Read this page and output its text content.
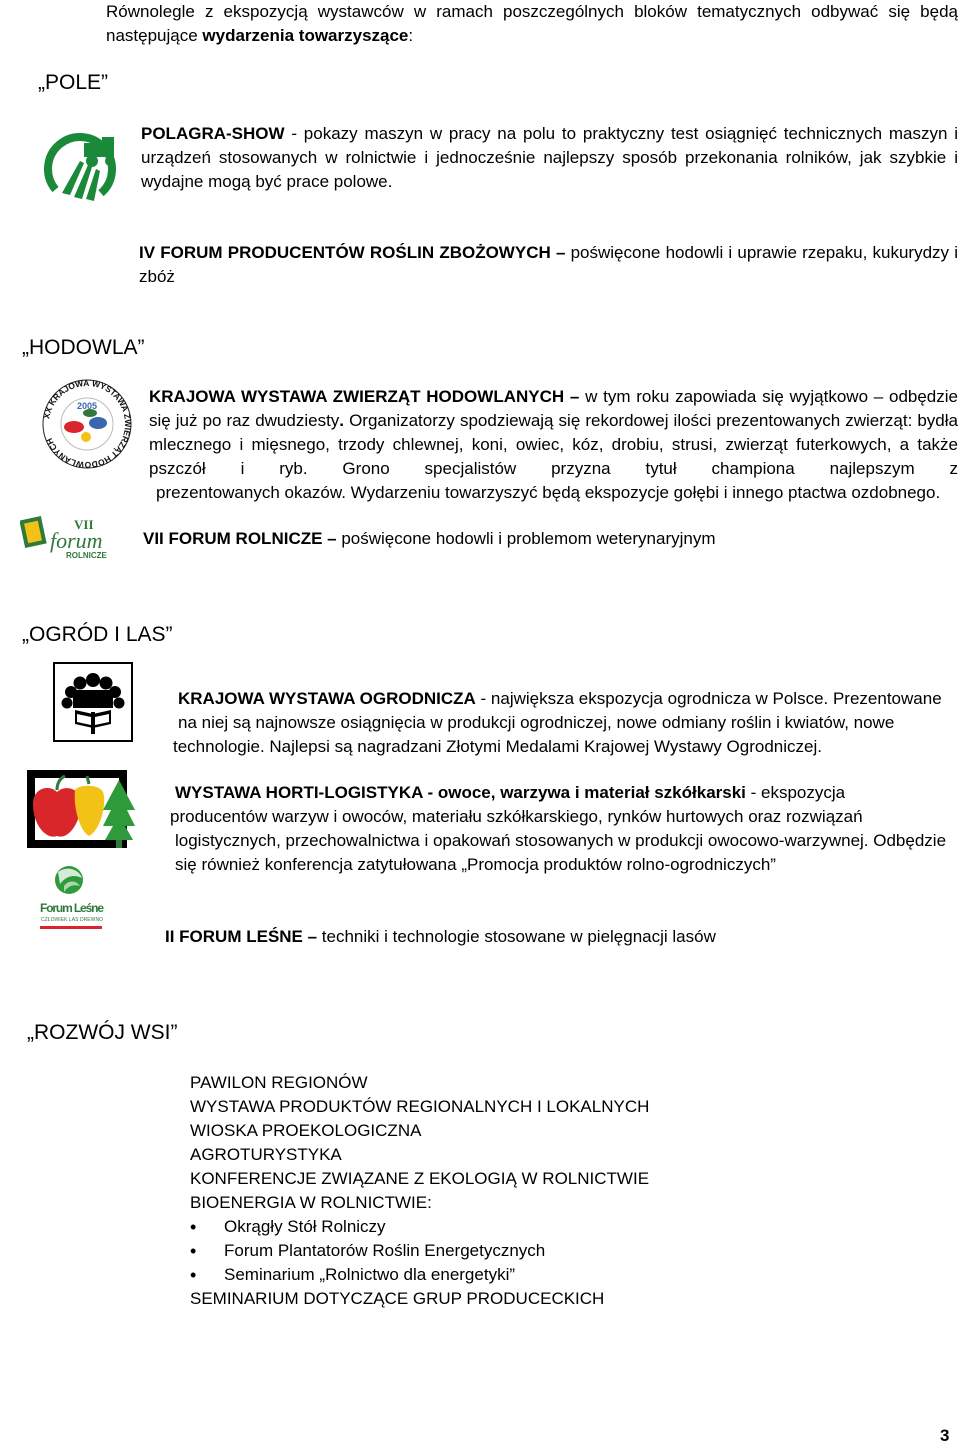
Równolegle z ekspozycją wystawców w ramach poszczególnych bloków tematycznych odbywać się będą następujące wydarzenia towarzyszące:
„POLE”
POLAGRA-SHOW - pokazy maszyn w pracy na polu to praktyczny test osiągnięć technicznych maszyn i urządzeń stosowanych w rolnictwie i jednocześnie najlepszy sposób przekonania rolników, jak szybkie i wydajne mogą być prace polowe.
IV FORUM PRODUCENTÓW ROŚLIN ZBOŻOWYCH – poświęcone hodowli i uprawie rzepaku, kukurydzy i zbóż
„HODOWLA”
XX KRAJOWA WYSTAWA ZWIERZĄT HODOWLANYCH
2005	KRAJOWA WYSTAWA ZWIERZĄT HODOWLANYCH – w tym roku zapowiada się wyjątkowo – odbędzie się już po raz dwudziesty. Organizatorzy spodziewają się rekordowej ilości prezentowanych zwierząt: bydła mlecznego i mięsnego, trzody chlewnej, koni, owiec, kóz, drobiu, strusi, zwierząt futerkowych, a także pszczół i ryb. Grono specjalistów przyzna tytuł championa najlepszym z
prezentowanych okazów. Wydarzeniu towarzyszyć będą ekspozycje gołębi i innego ptactwa ozdobnego.
VII
forum
ROLNICZE
VII FORUM ROLNICZE – poświęcone hodowli i problemom weterynaryjnym
„OGRÓD I LAS”
KRAJOWA WYSTAWA OGRODNICZA - największa ekspozycja ogrodnicza w Polsce. Prezentowane
na niej są najnowsze osiągnięcia w produkcji ogrodniczej, nowe odmiany roślin i kwiatów, nowe
technologie. Najlepsi są nagradzani Złotymi Medalami Krajowej Wystawy Ogrodniczej.
WYSTAWA HORTI-LOGISTYKA - owoce, warzywa i materiał szkółkarski - ekspozycja
producentów warzyw i owoców, materiału szkółkarskiego, rynków hurtowych oraz rozwiązań
logistycznych, przechowalnictwa i opakowań stosowanych w produkcji owocowo-warzywnej. Odbędzie
się również konferencja zatytułowana „Promocja produktów rolno-ogrodniczych”
Forum Leśne
CZŁOWIEK LAS DREWNO
II FORUM LEŚNE – techniki i technologie stosowane w pielęgnacji lasów
„ROZWÓJ WSI”
PAWILON REGIONÓW
WYSTAWA PRODUKTÓW REGIONALNYCH I LOKALNYCH
WIOSKA PROEKOLOGICZNA
AGROTURYSTYKA
KONFERENCJE ZWIĄZANE Z EKOLOGIĄ W ROLNICTWIE
BIOENERGIA W ROLNICTWIE:
• Okrągły Stół Rolniczy
• Forum Plantatorów Roślin Energetycznych
• Seminarium „Rolnictwo dla energetyki”
SEMINARIUM DOTYCZĄCE GRUP PRODUCECKICH
3
